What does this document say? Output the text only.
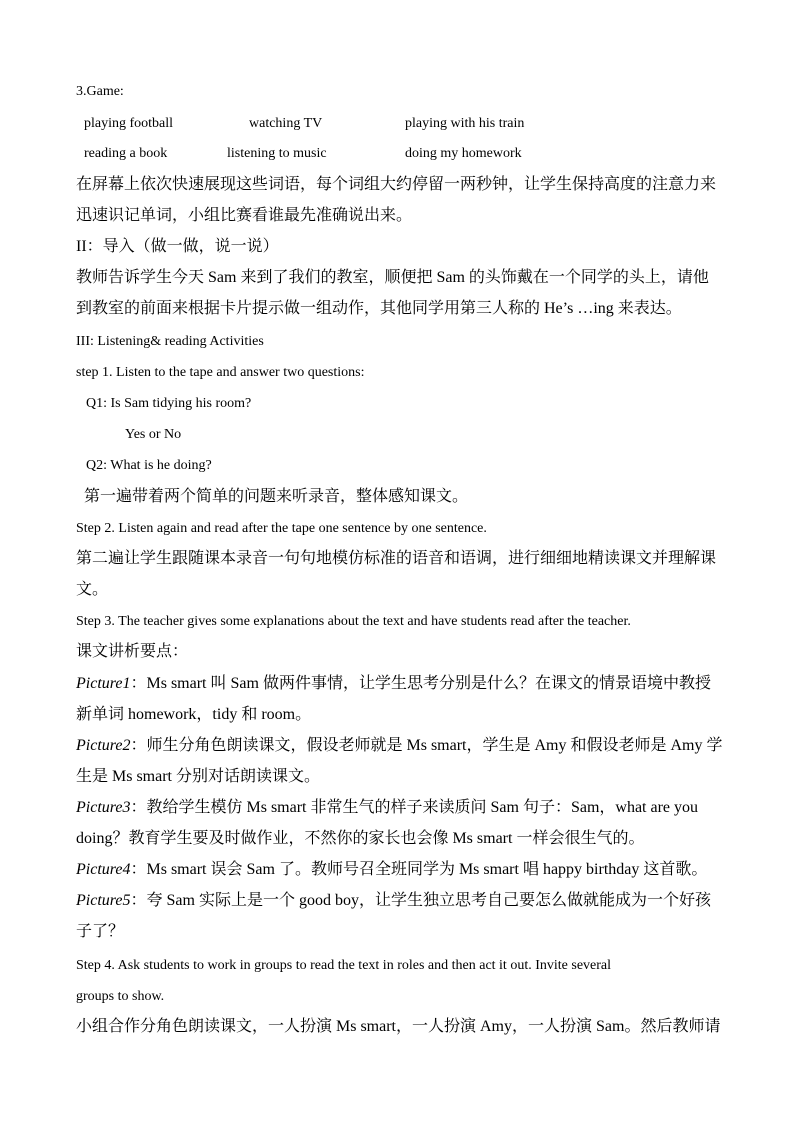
3.Game:
playing football	watching TV	playing with his train
reading a book	listening to music	doing my homework
在屏幕上依次快速展现这些词语，每个词组大约停留一两秒钟，让学生保持高度的注意力来
迅速识记单词，小组比赛看谁最先准确说出来。
II：导入（做一做，说一说）
教师告诉学生今天 Sam 来到了我们的教室，顺便把 Sam 的头饰戴在一个同学的头上，请他
到教室的前面来根据卡片提示做一组动作，其他同学用第三人称的 He’s …ing 来表达。
III: Listening& reading Activities
step 1. Listen to the tape and answer two questions:
Q1: Is Sam tidying his room?
Yes or No
Q2: What is he doing?
第一遍带着两个简单的问题来听录音，整体感知课文。
Step 2. Listen again and read after the tape one sentence by one sentence.
第二遍让学生跟随课本录音一句句地模仿标准的语音和语调，进行细细地精读课文并理解课
文。
Step 3. The teacher gives some explanations about the text and have students read after the teacher.
课文讲析要点：
Picture1：Ms smart 叫 Sam 做两件事情，让学生思考分别是什么？在课文的情景语境中教授
新单词 homework，tidy 和 room。
Picture2：师生分角色朗读课文，假设老师就是 Ms smart，学生是 Amy 和假设老师是 Amy 学
生是 Ms smart 分别对话朗读课文。
Picture3：教给学生模仿 Ms smart 非常生气的样子来读质问 Sam 句子：Sam，what are you
doing？教育学生要及时做作业，不然你的家长也会像 Ms smart 一样会很生气的。
Picture4：Ms smart 误会 Sam 了。教师号召全班同学为 Ms smart 唱 happy birthday 这首歌。
Picture5：夸 Sam 实际上是一个 good boy，让学生独立思考自己要怎么做就能成为一个好孩
子了？
Step 4. Ask students to work in groups to read the text in roles and then act it out. Invite several
groups to show.
小组合作分角色朗读课文，一人扮演 Ms smart，一人扮演 Amy，一人扮演 Sam。然后教师请
